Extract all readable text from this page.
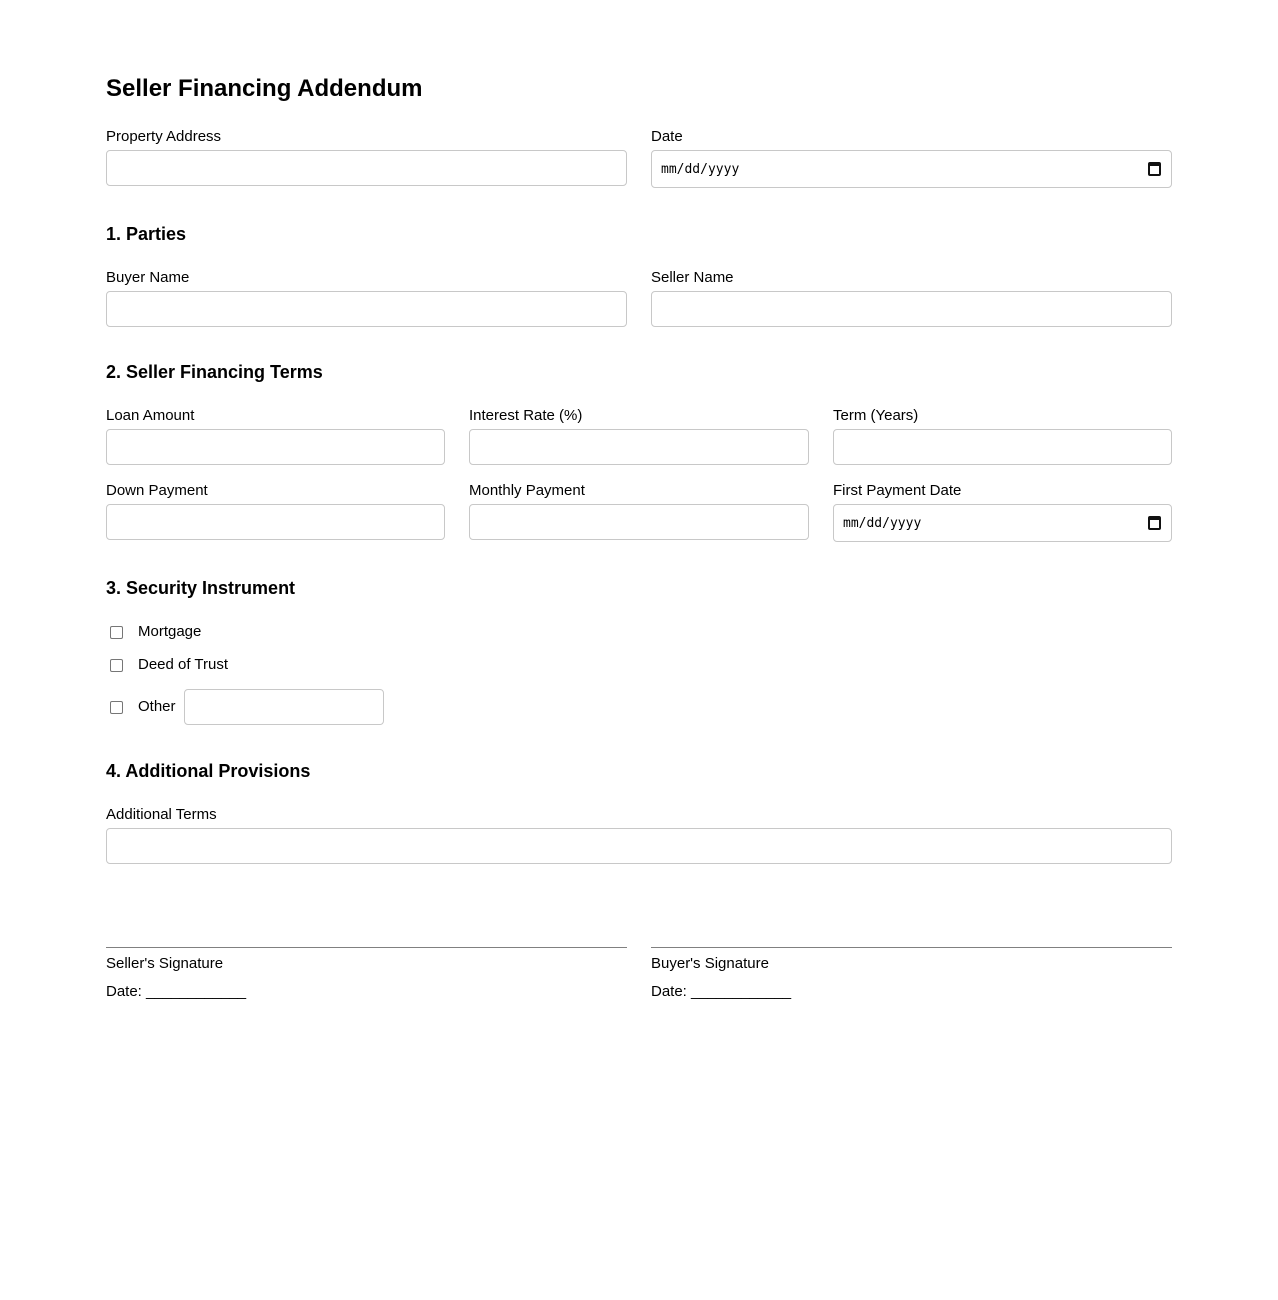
Seller Financing Addendum
Property Address	Date
mm/dd/yyyy
1. Parties
Buyer Name	Seller Name
2. Seller Financing Terms
Loan Amount	Interest Rate (%)	Term (Years)
Down Payment	Monthly Payment	First Payment Date
mm/dd/yyyy
3. Security Instrument
Mortgage
Deed of Trust
Other
4. Additional Provisions
Additional Terms
Seller's Signature
Date: ____________
Buyer's Signature
Date: ____________
